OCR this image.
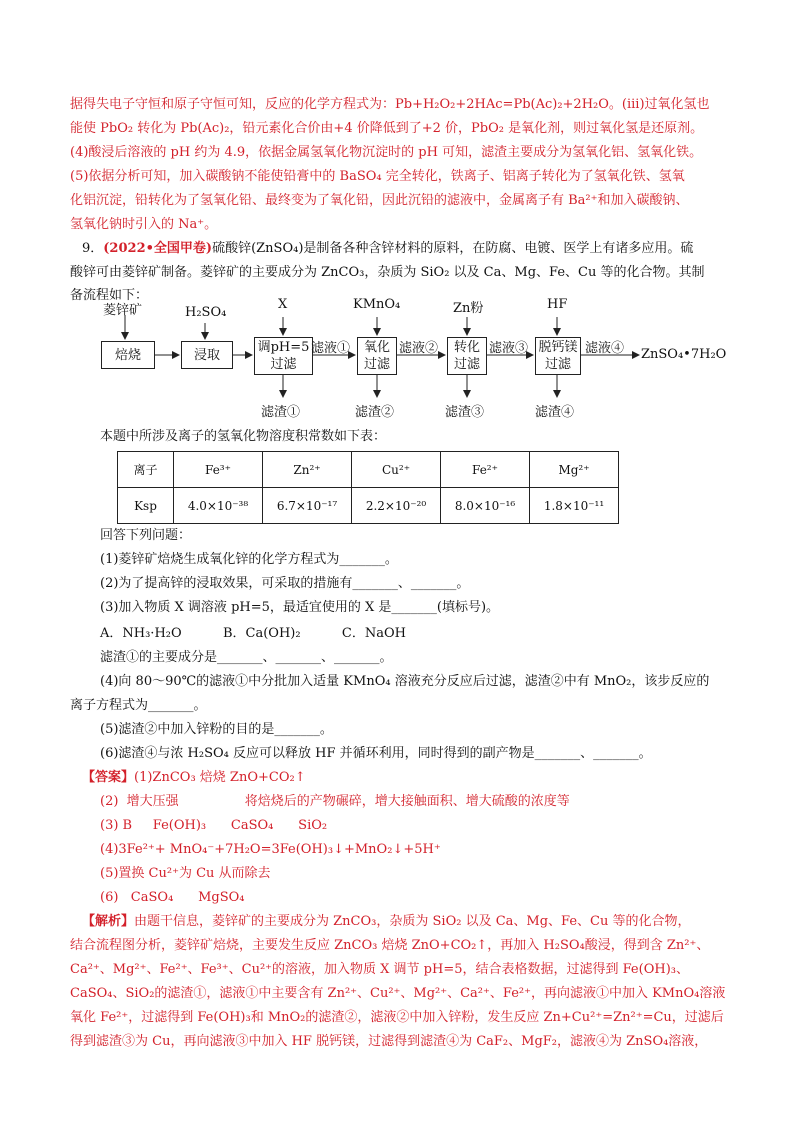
据得失电子守恒和原子守恒可知，反应的化学方程式为：Pb+H₂O₂+2HAc=Pb(Ac)₂+2H₂O。(iii)过氧化氢也
能使 PbO₂ 转化为 Pb(Ac)₂，铅元素化合价由+4 价降低到了+2 价，PbO₂ 是氧化剂，则过氧化氢是还原剂。
(4)酸浸后溶液的 pH 约为 4.9，依据金属氢氧化物沉淀时的 pH 可知，滤渣主要成分为氢氧化铝、氢氧化铁。
(5)依据分析可知，加入碳酸钠不能使铅膏中的 BaSO₄ 完全转化，铁离子、铝离子转化为了氢氧化铁、氢氧
化铝沉淀，铅转化为了氢氧化铅、最终变为了氧化铅，因此沉铅的滤液中，金属离子有 Ba²⁺和加入碳酸钠、
氢氧化钠时引入的 Na⁺。
9．(2022•全国甲卷)硫酸锌(ZnSO₄)是制备各种含锌材料的原料，在防腐、电镀、医学上有诸多应用。硫
酸锌可由菱锌矿制备。菱锌矿的主要成分为 ZnCO₃，杂质为 SiO₂ 以及 Ca、Mg、Fe、Cu 等的化合物。其制
备流程如下：
菱锌矿
焙烧
H₂SO₄
浸取
X
调pH=5
过滤
滤液①
KMnO₄
氧化
过滤
滤液②
Zn粉
转化
过滤
滤液③
HF
脱钙镁
过滤
滤液④ ZnSO₄•7H₂O
滤渣①	滤渣②	滤渣③	滤渣④
本题中所涉及离子的氢氧化物溶度积常数如下表：
离子	Fe³⁺	Zn²⁺	Cu²⁺	Fe²⁺	Mg²⁺
Ksp	4.0×10⁻³⁸	6.7×10⁻¹⁷	2.2×10⁻²⁰	8.0×10⁻¹⁶	1.8×10⁻¹¹
回答下列问题：
(1)菱锌矿焙烧生成氧化锌的化学方程式为_______。
(2)为了提高锌的浸取效果，可采取的措施有_______、_______。
(3)加入物质 X 调溶液 pH=5，最适宜使用的 X 是_______(填标号)。
A．NH₃·H₂O          B．Ca(OH)₂          C．NaOH
滤渣①的主要成分是_______、_______、_______。
(4)向 80～90℃的滤液①中分批加入适量 KMnO₄ 溶液充分反应后过滤，滤渣②中有 MnO₂，该步反应的
离子方程式为_______。
(5)滤渣②中加入锌粉的目的是_______。
(6)滤渣④与浓 H₂SO₄ 反应可以释放 HF 并循环利用，同时得到的副产物是_______、_______。
【答案】(1)ZnCO₃ 焙烧 ZnO+CO₂↑
(2)  增大压强                将焙烧后的产物碾碎，增大接触面积、增大硫酸的浓度等
(3) B     Fe(OH)₃      CaSO₄      SiO₂
(4)3Fe²⁺+ MnO₄⁻+7H₂O=3Fe(OH)₃↓+MnO₂↓+5H⁺
(5)置换 Cu²⁺为 Cu 从而除去
(6)   CaSO₄      MgSO₄
【解析】由题干信息，菱锌矿的主要成分为 ZnCO₃，杂质为 SiO₂ 以及 Ca、Mg、Fe、Cu 等的化合物，
结合流程图分析，菱锌矿焙烧，主要发生反应 ZnCO₃ 焙烧 ZnO+CO₂↑，再加入 H₂SO₄酸浸，得到含 Zn²⁺、
Ca²⁺、Mg²⁺、Fe²⁺、Fe³⁺、Cu²⁺的溶液，加入物质 X 调节 pH=5，结合表格数据，过滤得到 Fe(OH)₃、
CaSO₄、SiO₂的滤渣①，滤液①中主要含有 Zn²⁺、Cu²⁺、Mg²⁺、Ca²⁺、Fe²⁺，再向滤液①中加入 KMnO₄溶液
氧化 Fe²⁺，过滤得到 Fe(OH)₃和 MnO₂的滤渣②，滤液②中加入锌粉，发生反应 Zn+Cu²⁺=Zn²⁺=Cu，过滤后
得到滤渣③为 Cu，再向滤液③中加入 HF 脱钙镁，过滤得到滤渣④为 CaF₂、MgF₂，滤液④为 ZnSO₄溶液，
